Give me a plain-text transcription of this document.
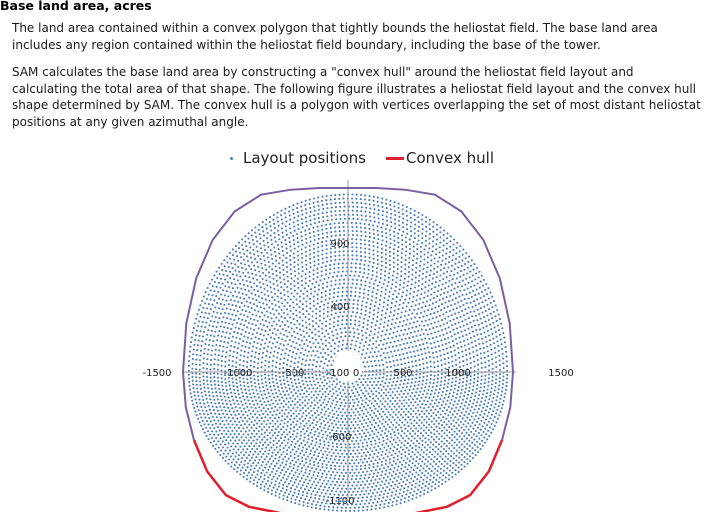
Base land area, acres

The land area contained within a convex polygon that tightly bounds the heliostat field. The base land area includes any region contained within the heliostat field boundary, including the base of the tower.

SAM calculates the base land area by constructing a "convex hull" around the heliostat field layout and calculating the total area of that shape. The following figure illustrates a heliostat field layout and the convex hull shape determined by SAM. The convex hull is a polygon with vertices overlapping the set of most distant heliostat positions at any given azimuthal angle.

Layout positions	Convex hull
-1500	-1000	-500	0	500	1000	1500
900
400
-100
-600
-1100
